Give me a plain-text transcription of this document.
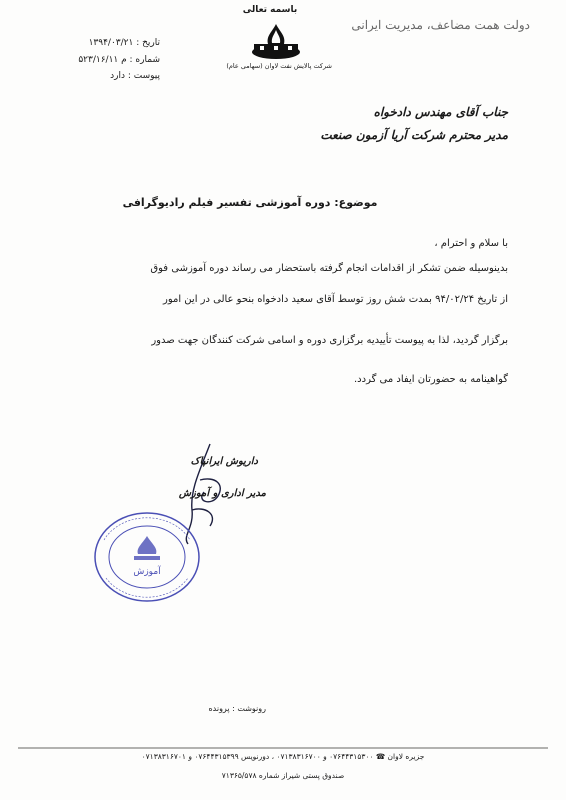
باسمه تعالی
شرکت پالایش نفت لاوان (سهامی عام)
دولت همت مضاعف، مدیریت ایرانی
تاریخ : ۱۳۹۴/۰۳/۲۱
شماره : م ۵۲۳/۱۶/۱۱
پیوست : دارد
جناب آقای مهندس دادخواه
مدیر محترم شرکت آریا آزمون صنعت
موضوع: دوره آموزشی تفسیر فیلم رادیوگرافی
با سلام و احترام ،
بدینوسیله ضمن تشکر از اقدامات انجام گرفته باستحضار می رساند دوره آموزشی فوق
از تاریخ ۹۴/۰۲/۲۴ بمدت شش روز توسط آقای سعید دادخواه بنحو عالی در این امور
برگزار گردید، لذا به پیوست تأییدیه برگزاری دوره و اسامی شرکت کنندگان جهت صدور
گواهینامه به حضورتان ایفاد می گردد.
داریوش ایرانپاک
مدیر اداری و آموزش
آموزش
رونوشت : پرونده
جزیره لاوان ☎ ۰۷۶۴۴۳۱۵۳۰۰ و ۰۷۱۳۸۳۱۶۷۰۰ ، دورنویس ۰۷۶۴۴۳۱۵۳۹۹ و ۰۷۱۳۸۳۱۶۷۰۱
صندوق پستی شیراز شماره ۷۱۳۶۵/۵۷۸
